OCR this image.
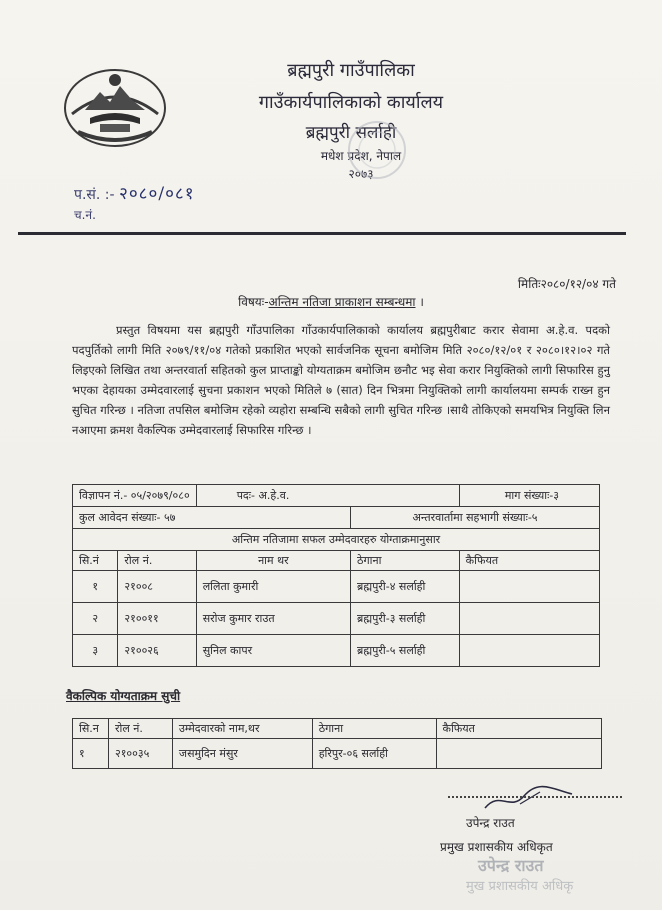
ब्रह्मपुरी गाउँपालिका
गाउँकार्यपालिकाको कार्यालय
ब्रह्मपुरी सर्लाही
मधेश प्रदेश, नेपाल
२०७३
प.सं. :- २०८०/०८१
च.नं.
मितिः२०८०/१२/०४ गते
विषयः-अन्तिम नतिजा प्राकाशन सम्बन्धमा ।
प्रस्तुत विषयमा यस ब्रह्मपुरी गाँउपालिका गाँउकार्यपालिकाको कार्यालय ब्रह्मपुरीबाट करार सेवामा अ.हे.व. पदको पदपुर्तिको लागी मिति २०७९/११/०४ गतेको प्रकाशित भएको सार्वजनिक सूचना बमोजिम मिति २०८०/१२/०१ र २०८०।१२।०२ गते लिइएको लिखित तथा अन्तरवार्ता सहितको कुल प्राप्ताङ्को योग्यताक्रम बमोजिम छनौट भइ सेवा करार नियुक्तिको लागी सिफारिस हुनु भएका देहायका उम्मेदवारलाई सुचना प्रकाशन भएको मितिले ७ (सात) दिन भित्रमा नियुक्तिको लागी कार्यालयमा सम्पर्क राख्न हुन सुचित गरिन्छ । नतिजा तपसिल बमोजिम रहेको व्यहोरा सम्बन्धि सबैको लागी सुचित गरिन्छ ।साथै तोकिएको समयभित्र नियुक्ति लिन नआएमा क्रमश वैकल्पिक उम्मेदवारलाई सिफारिस गरिन्छ ।
विज्ञापन नं.- ०५/२०७९/०८०		पदः- अ.हे.व.		माग संख्याः-३
कुल आवेदन संख्याः- ५७			अन्तरवार्तामा सहभागी संख्याः-५	
अन्तिम नतिजामा सफल उम्मेदवारहरु योग्ताक्रमानुसार				
सि.नं	रोल नं.	नाम थर	ठेगाना	कैफियत
१	२१००८	ललिता कुमारी	ब्रह्मपुरी-४ सर्लाही	
२	२१००११	सरोज कुमार राउत	ब्रह्मपुरी-३ सर्लाही	
३	२१००२६	सुनिल कापर	ब्रह्मपुरी-५ सर्लाही	
वैकल्पिक योग्यताक्रम सुची
सि.न	रोल नं.	उम्मेदवारको नाम,थर	ठेगाना	कैफियत
१	२१००३५	जसमुदिन मंसुर	हरिपुर-०६ सर्लाही	
उपेन्द्र राउत
प्रमुख प्रशासकीय अधिकृत
उपेन्द्र राउत
मुख प्रशासकीय अधिकृ
